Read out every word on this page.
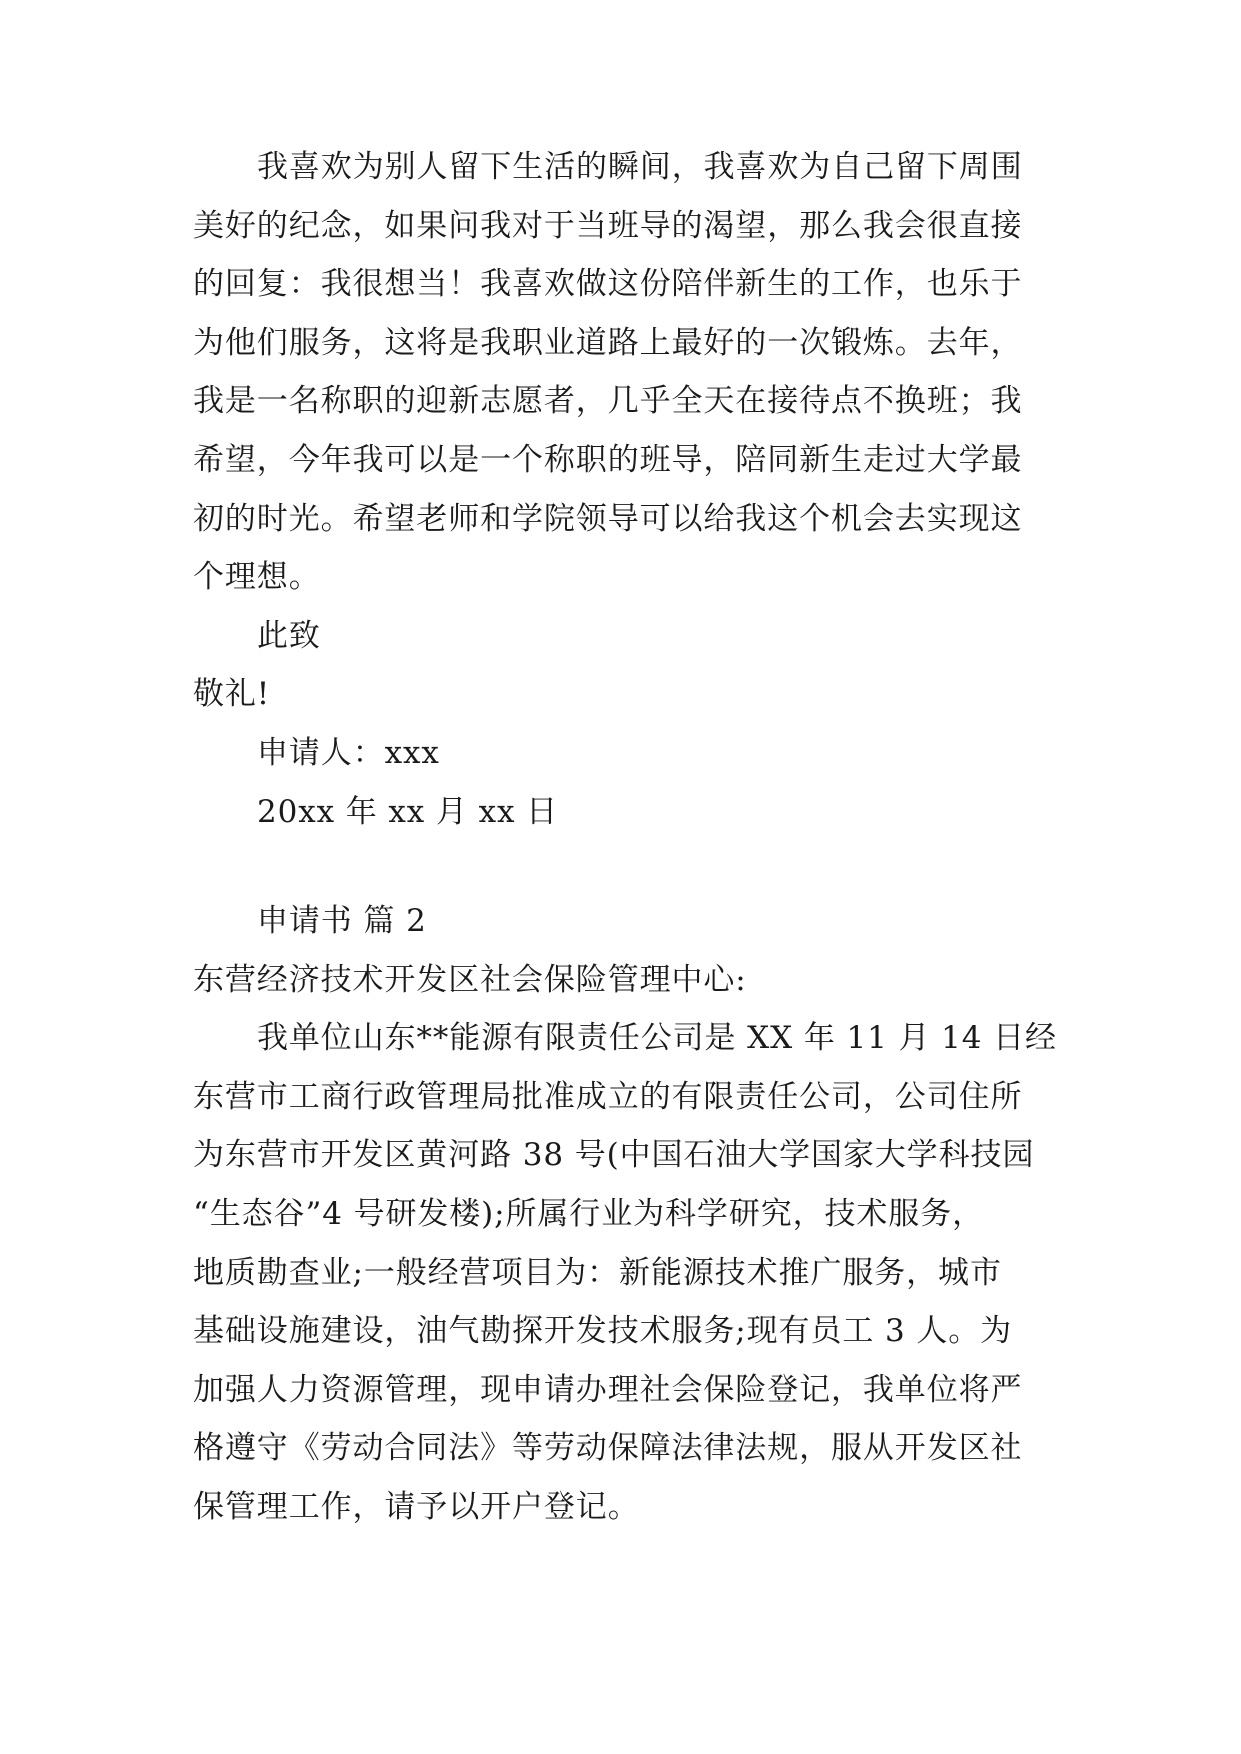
我喜欢为别人留下生活的瞬间，我喜欢为自己留下周围
美好的纪念，如果问我对于当班导的渴望，那么我会很直接
的回复：我很想当！我喜欢做这份陪伴新生的工作，也乐于
为他们服务，这将是我职业道路上最好的一次锻炼。去年，
我是一名称职的迎新志愿者，几乎全天在接待点不换班；我
希望，今年我可以是一个称职的班导，陪同新生走过大学最
初的时光。希望老师和学院领导可以给我这个机会去实现这
个理想。
此致
敬礼!
申请人：xxx
20xx 年 xx 月 xx 日
申请书 篇 2
东营经济技术开发区社会保险管理中心:
我单位山东**能源有限责任公司是 XX 年 11 月 14 日经
东营市工商行政管理局批准成立的有限责任公司，公司住所
为东营市开发区黄河路 38 号(中国石油大学国家大学科技园
“生态谷”4 号研发楼);所属行业为科学研究，技术服务，
地质勘查业;一般经营项目为：新能源技术推广服务，城市
基础设施建设，油气勘探开发技术服务;现有员工 3 人。为
加强人力资源管理，现申请办理社会保险登记，我单位将严
格遵守《劳动合同法》等劳动保障法律法规，服从开发区社
保管理工作，请予以开户登记。
